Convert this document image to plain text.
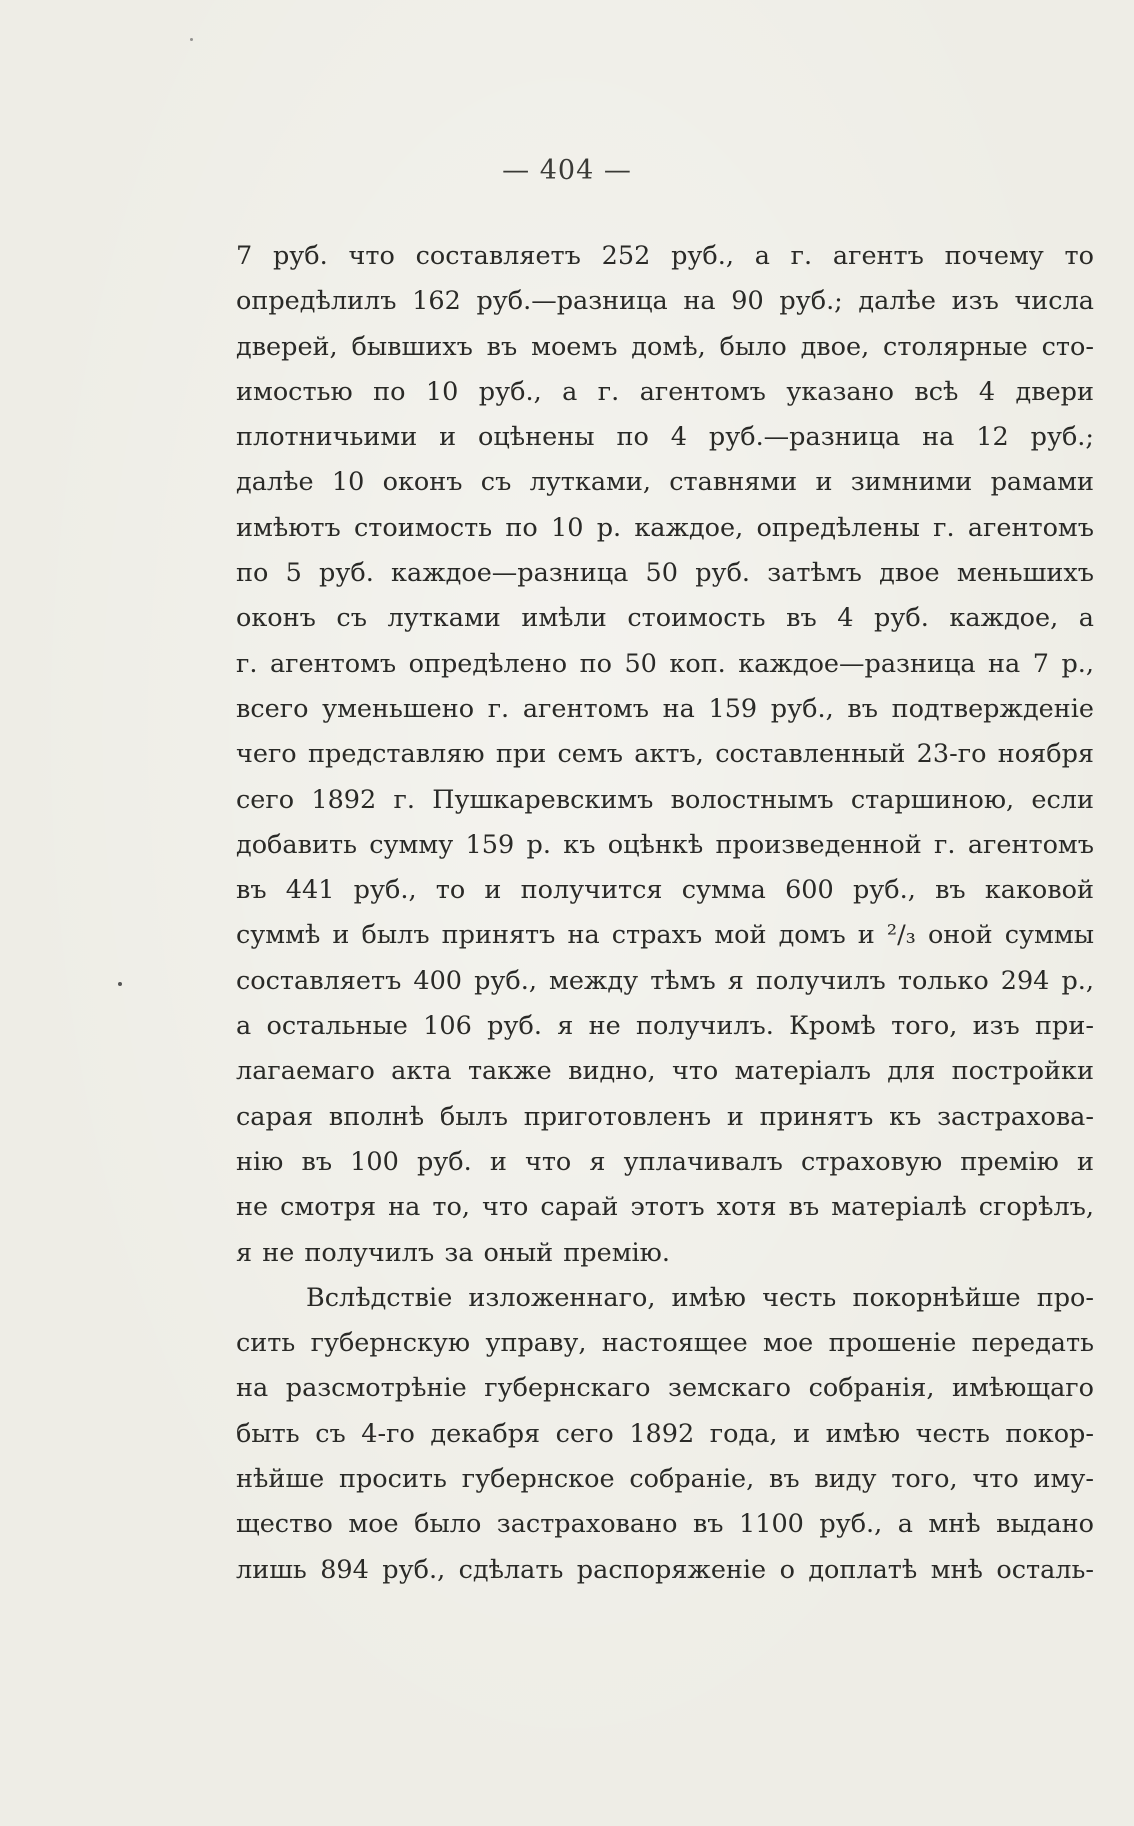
— 404 —
7 руб. что составляетъ 252 руб., а г. агентъ почему то
опредѣлилъ 162 руб.—разница на 90 руб.; далѣе изъ числа
дверей, бывшихъ въ моемъ домѣ, было двое, столярные сто-
имостью по 10 руб., а г. агентомъ указано всѣ 4 двери
плотничьими и оцѣнены по 4 руб.—разница на 12 руб.;
далѣе 10 оконъ съ лутками, ставнями и зимними рамами
имѣютъ стоимость по 10 р. каждое, опредѣлены г. агентомъ
по 5 руб. каждое—разница 50 руб. затѣмъ двое меньшихъ
оконъ съ лутками имѣли стоимость въ 4 руб. каждое, а
г. агентомъ опредѣлено по 50 коп. каждое—разница на 7 р.,
всего уменьшено г. агентомъ на 159 руб., въ подтвержденіе
чего представляю при семъ актъ, составленный 23-го ноября
сего 1892 г. Пушкаревскимъ волостнымъ старшиною, если
добавить сумму 159 р. къ оцѣнкѣ произведенной г. агентомъ
въ 441 руб., то и получится сумма 600 руб., въ каковой
суммѣ и былъ принятъ на страхъ мой домъ и ²/₃ оной суммы
составляетъ 400 руб., между тѣмъ я получилъ только 294 р.,
а остальные 106 руб. я не получилъ. Кромѣ того, изъ при-
лагаемаго акта также видно, что матеріалъ для постройки
сарая вполнѣ былъ приготовленъ и принятъ къ застрахова-
нію въ 100 руб. и что я уплачивалъ страховую премію и
не смотря на то, что сарай этотъ хотя въ матеріалѣ сгорѣлъ,
я не получилъ за оный премію.
Вслѣдствіе изложеннаго, имѣю честь покорнѣйше про-
сить губернскую управу, настоящее мое прошеніе передать
на разсмотрѣніе губернскаго земскаго собранія, имѣющаго
быть съ 4-го декабря сего 1892 года, и имѣю честь покор-
нѣйше просить губернское собраніе, въ виду того, что иму-
щество мое было застраховано въ 1100 руб., а мнѣ выдано
лишь 894 руб., сдѣлать распоряженіе о доплатѣ мнѣ осталь-
